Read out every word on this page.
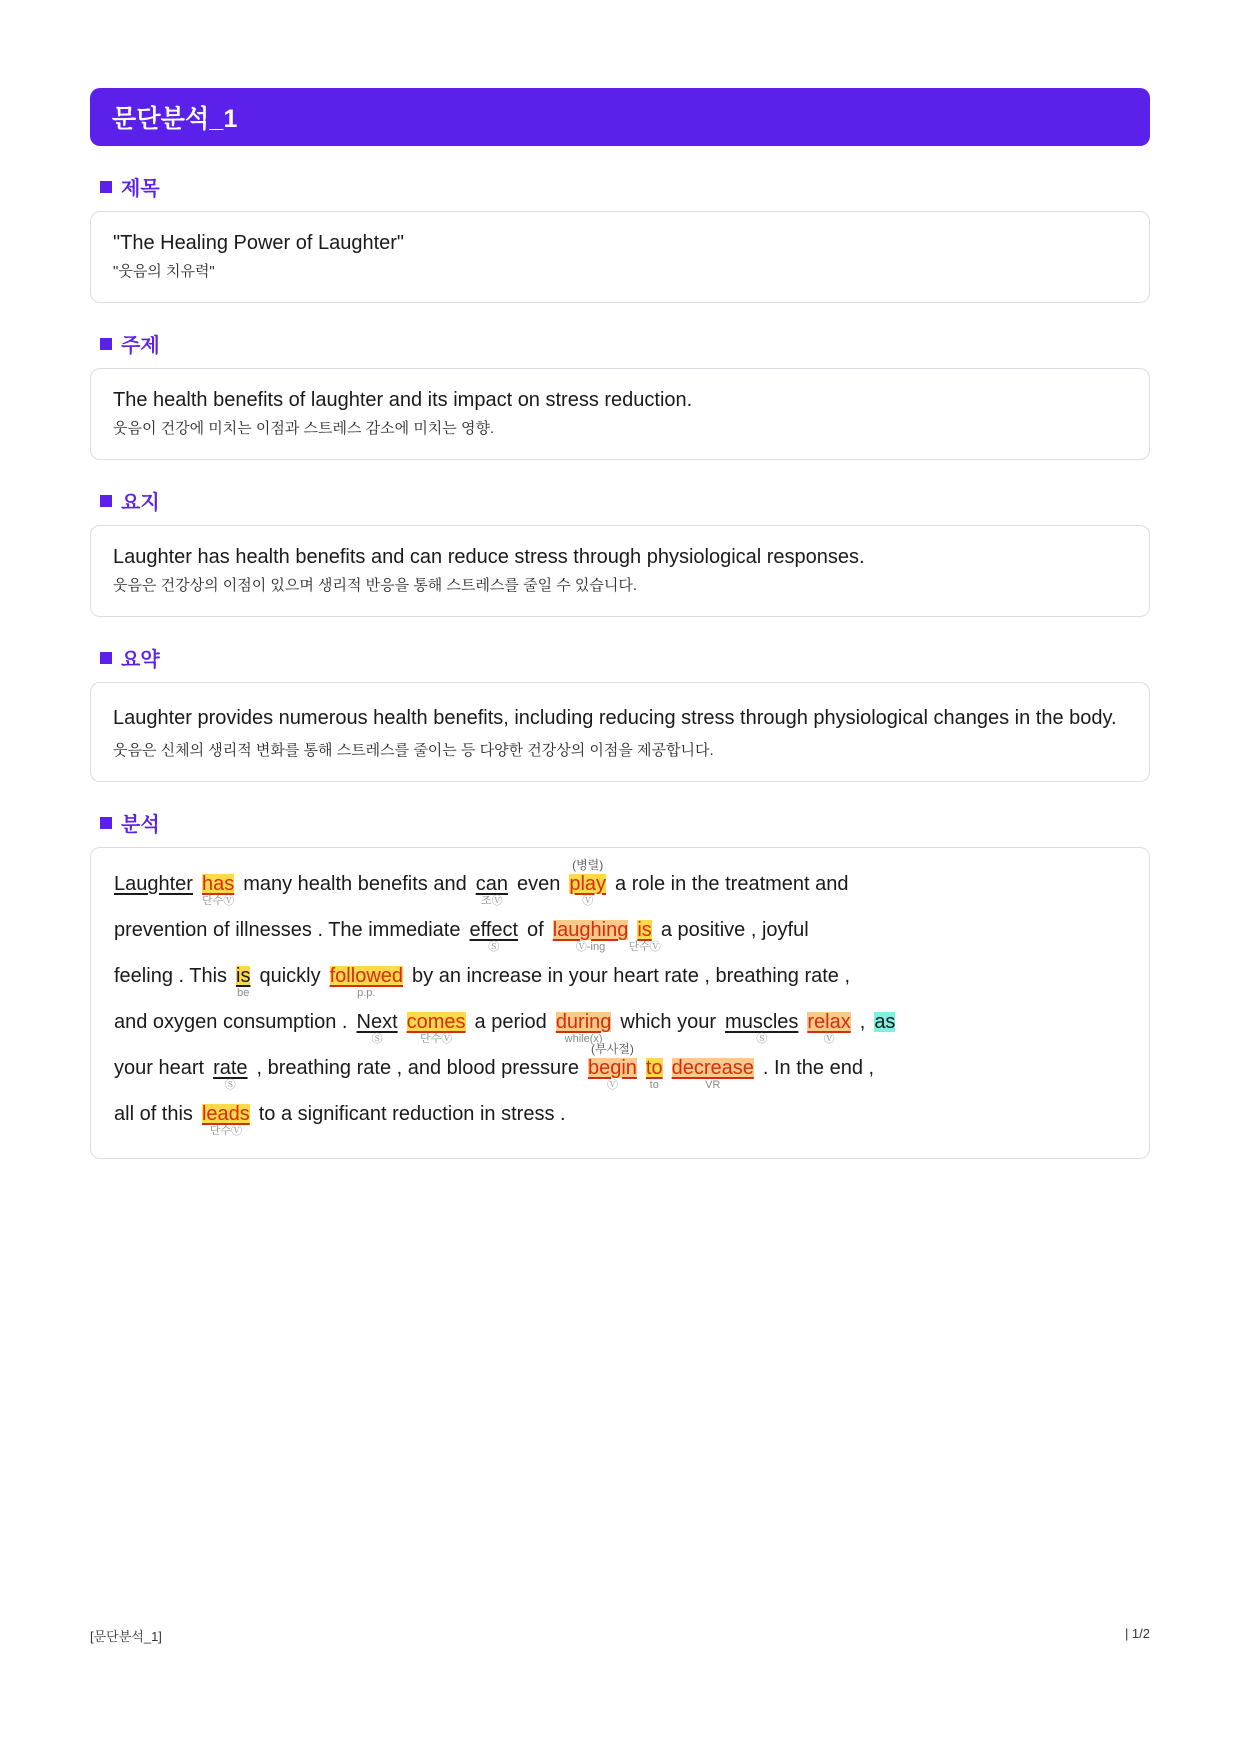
문단분석_1
제목
"The Healing Power of Laughter"
"웃음의 치유력"
주제
The health benefits of laughter and its impact on stress reduction.
웃음이 건강에 미치는 이점과 스트레스 감소에 미치는 영향.
요지
Laughter has health benefits and can reduce stress through physiological responses.
웃음은 건강상의 이점이 있으며 생리적 반응을 통해 스트레스를 줄일 수 있습니다.
요약
Laughter provides numerous health benefits, including reducing stress through physiological changes in the body.
웃음은 신체의 생리적 변화를 통해 스트레스를 줄이는 등 다양한 건강상의 이점을 제공합니다.
분석
Laughter has
단수Ⓥ
many health benefits and can
조Ⓥ
even play
Ⓥ
(병렬)
a role in the treatment and
prevention of illnesses . The immediate effect
Ⓢ
of laughing
Ⓥ-ing
is
단수Ⓥ
a positive , joyful
feeling . This is
be
quickly followed
p.p.
by an increase in your heart rate , breathing rate ,
and oxygen consumption . Next
Ⓢ
comes
단수Ⓥ
a period during
while(x)
which your muscles
Ⓢ
relax
Ⓥ
, as
your heart rate
Ⓢ
, breathing rate , and blood pressure begin
Ⓥ
(부사절)
to
to
decrease
VR
. In the end ,
all of this leads
단수Ⓥ
to a significant reduction in stress .
[문단분석_1]	| 1/2
